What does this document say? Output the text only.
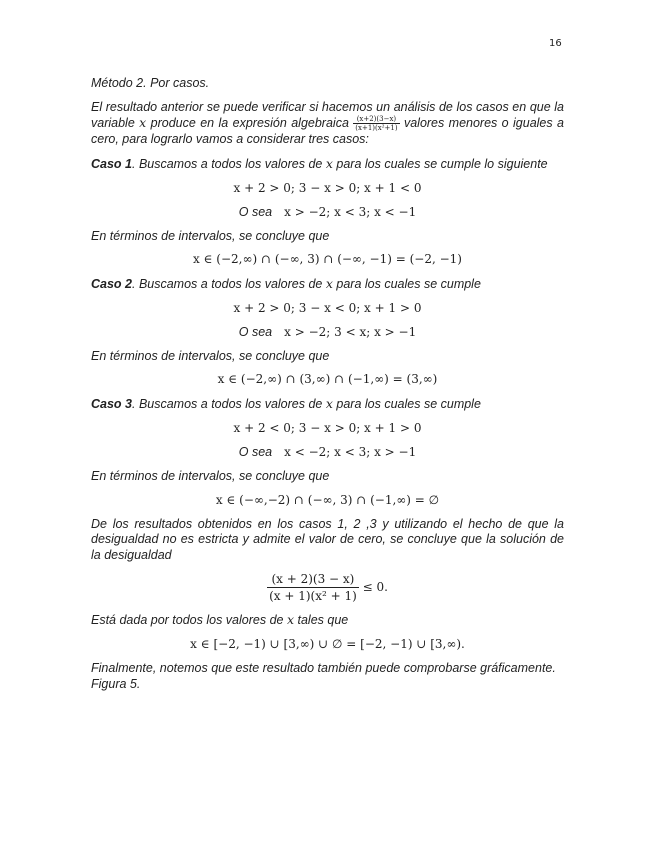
16

Método 2. Por casos.

El resultado anterior se puede verificar si hacemos un análisis de los casos en que la variable x produce en la expresión algebraica $\frac{(x+2)(3-x)}{\text{(x+1)(x²+1)}}$ valores menores o iguales a cero, para lograrlo vamos a considerar tres casos:

Caso 1. Buscamos a todos los valores de x para los cuales se cumple lo siguiente

x + 2 > 0; 3 − x > 0; x + 1 < 0
O sea x > −2; x < 3; x < −1

En términos de intervalos, se concluye que

x ∈ (−2,∞) ∩ (−∞, 3) ∩ (−∞, −1) = (−2, −1)

Caso 2. Buscamos a todos los valores de x para los cuales se cumple

x + 2 > 0; 3 − x < 0; x + 1 > 0
O sea x > −2; 3 < x; x > −1

En términos de intervalos, se concluye que

x ∈ (−2,∞) ∩ (3,∞) ∩ (−1,∞) = (3,∞)

Caso 3. Buscamos a todos los valores de x para los cuales se cumple

x + 2 < 0; 3 − x > 0; x + 1 > 0
O sea x < −2; x < 3; x > −1

En términos de intervalos, se concluye que

x ∈ (−∞,−2) ∩ (−∞, 3) ∩ (−1,∞) = ∅

De los resultados obtenidos en los casos 1, 2 ,3 y utilizando el hecho de que la desigualdad no es estricta y admite el valor de cero, se concluye que la solución de la desigualdad

$\frac{(x + 2)(3 - x)}{\text{(x + 1)(x² + 1)}} \le 0$.

Está dada por todos los valores de x tales que

x ∈ [−2, −1) ∪ [3,∞) ∪ ∅ = [−2, −1) ∪ [3,∞).

Finalmente, notemos que este resultado también puede comprobarse gráficamente. Figura 5.
